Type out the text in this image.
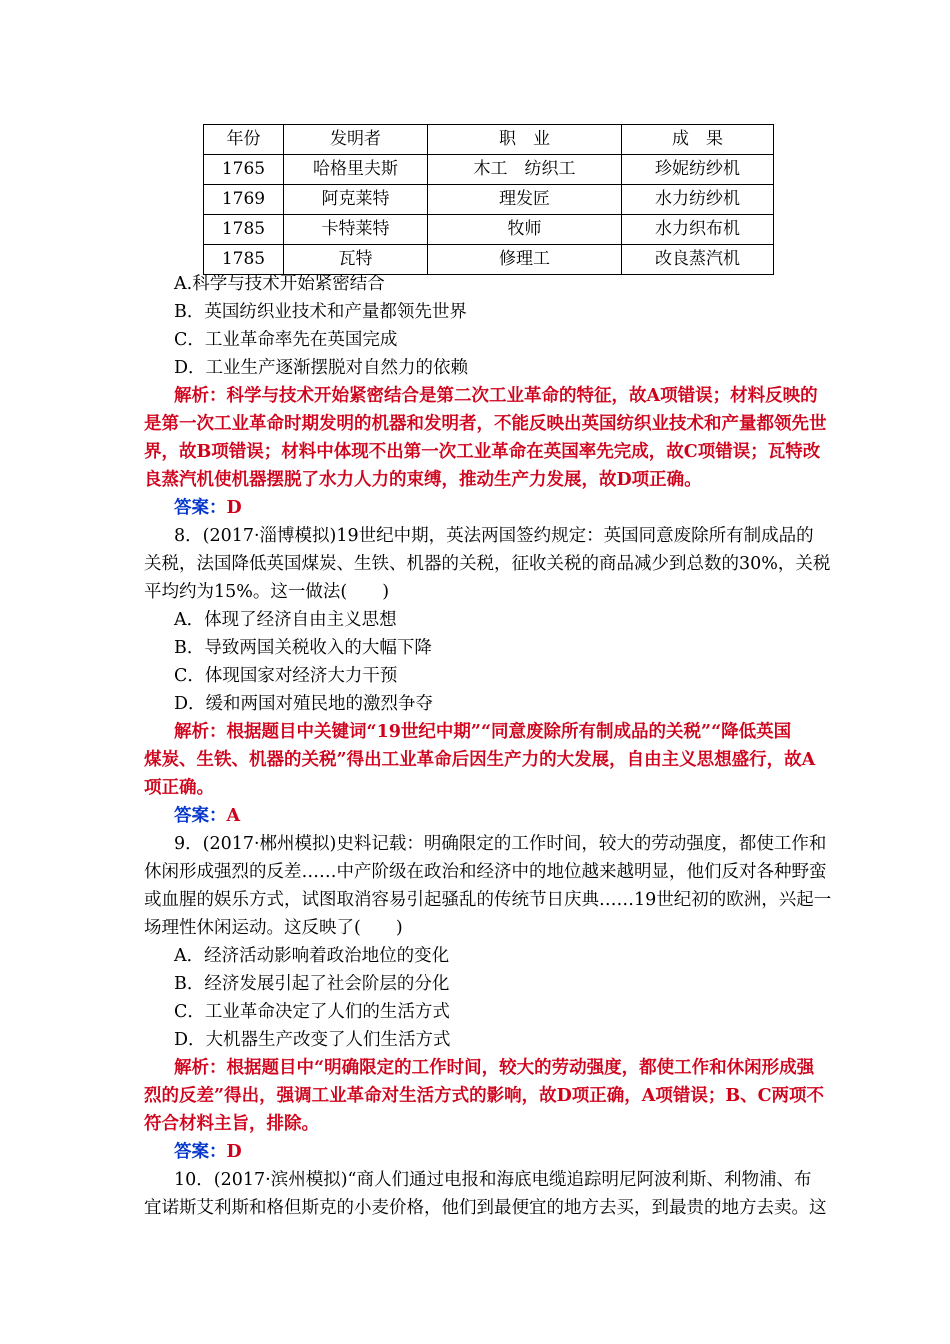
年份	发明者	职　业	成　果
1765	哈格里夫斯	木工　纺织工	珍妮纺纱机
1769	阿克莱特	理发匠	水力纺纱机
1785	卡特莱特	牧师	水力织布机
1785	瓦特	修理工	改良蒸汽机
A.科学与技术开始紧密结合
B．英国纺织业技术和产量都领先世界
C．工业革命率先在英国完成
D．工业生产逐渐摆脱对自然力的依赖
解析：科学与技术开始紧密结合是第二次工业革命的特征，故A项错误；材料反映的
是第一次工业革命时期发明的机器和发明者，不能反映出英国纺织业技术和产量都领先世
界，故B项错误；材料中体现不出第一次工业革命在英国率先完成，故C项错误；瓦特改
良蒸汽机使机器摆脱了水力人力的束缚，推动生产力发展，故D项正确。
答案：D
8．(2017·淄博模拟)19世纪中期，英法两国签约规定：英国同意废除所有制成品的
关税，法国降低英国煤炭、生铁、机器的关税，征收关税的商品减少到总数的30%，关税
平均约为15%。这一做法(　　)
A．体现了经济自由主义思想
B．导致两国关税收入的大幅下降
C．体现国家对经济大力干预
D．缓和两国对殖民地的激烈争夺
解析：根据题目中关键词“19世纪中期”“同意废除所有制成品的关税”“降低英国
煤炭、生铁、机器的关税”得出工业革命后因生产力的大发展，自由主义思想盛行，故A
项正确。
答案：A
9．(2017·郴州模拟)史料记载：明确限定的工作时间，较大的劳动强度，都使工作和
休闲形成强烈的反差……中产阶级在政治和经济中的地位越来越明显，他们反对各种野蛮
或血腥的娱乐方式，试图取消容易引起骚乱的传统节日庆典……19世纪初的欧洲，兴起一
场理性休闲运动。这反映了(　　)
A．经济活动影响着政治地位的变化
B．经济发展引起了社会阶层的分化
C．工业革命决定了人们的生活方式
D．大机器生产改变了人们生活方式
解析：根据题目中“明确限定的工作时间，较大的劳动强度，都使工作和休闲形成强
烈的反差”得出，强调工业革命对生活方式的影响，故D项正确，A项错误；B、C两项不
符合材料主旨，排除。
答案：D
10．(2017·滨州模拟)“商人们通过电报和海底电缆追踪明尼阿波利斯、利物浦、布
宜诺斯艾利斯和格但斯克的小麦价格，他们到最便宜的地方去买，到最贵的地方去卖。这
